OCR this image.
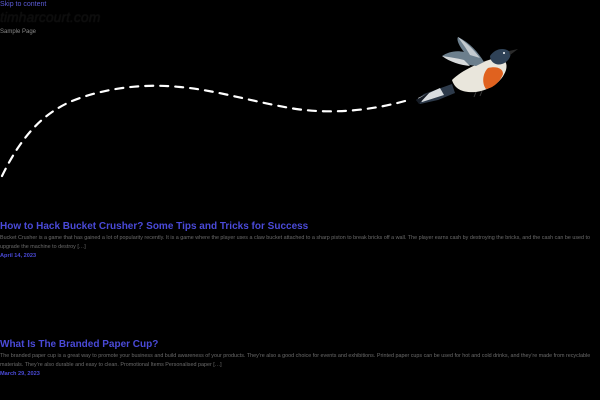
Skip to content
timharcourt.com
Sample Page
How to Hack Bucket Crusher? Some Tips and Tricks for Success

Bucket Crusher is a game that has gained a lot of popularity recently. It is a game where the player uses a claw bucket attached to a sharp piston to break bricks off a wall. The player earns cash by destroying the bricks, and the cash can be used to upgrade the machine to destroy […]

April 14, 2023
What Is The Branded Paper Cup?

The branded paper cup is a great way to promote your business and build awareness of your products. They’re also a good choice for events and exhibitions. Printed paper cups can be used for hot and cold drinks, and they’re made from recyclable materials. They’re also durable and easy to clean. Promotional Items Personalised paper […]

March 29, 2023
